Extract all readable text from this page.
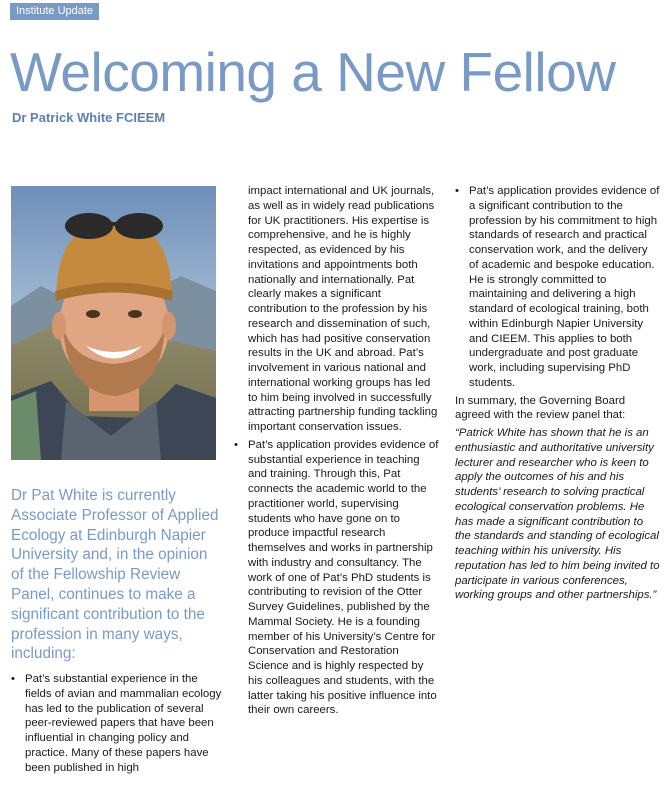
Institute Update
Welcoming a New Fellow
Dr Patrick White FCIEEM

Dr Pat White is currently Associate Professor of Applied Ecology at Edinburgh Napier University and, in the opinion of the Fellowship Review Panel, continues to make a significant contribution to the profession in many ways, including:

• Pat’s substantial experience in the fields of avian and mammalian ecology has led to the publication of several peer-reviewed papers that have been influential in changing policy and practice. Many of these papers have been published in high

impact international and UK journals, as well as in widely read publications for UK practitioners. His expertise is comprehensive, and he is highly respected, as evidenced by his invitations and appointments both nationally and internationally. Pat clearly makes a significant contribution to the profession by his research and dissemination of such, which has had positive conservation results in the UK and abroad. Pat’s involvement in various national and international working groups has led to him being involved in successfully attracting partnership funding tackling important conservation issues.

• Pat’s application provides evidence of substantial experience in teaching and training. Through this, Pat connects the academic world to the practitioner world, supervising students who have gone on to produce impactful research themselves and works in partnership with industry and consultancy. The work of one of Pat’s PhD students is contributing to revision of the Otter Survey Guidelines, published by the Mammal Society. He is a founding member of his University’s Centre for Conservation and Restoration Science and is highly respected by his colleagues and students, with the latter taking his positive influence into their own careers.

• Pat’s application provides evidence of a significant contribution to the profession by his commitment to high standards of research and practical conservation work, and the delivery of academic and bespoke education. He is strongly committed to maintaining and delivering a high standard of ecological training, both within Edinburgh Napier University and CIEEM. This applies to both undergraduate and post graduate work, including supervising PhD students.

In summary, the Governing Board agreed with the review panel that:

“Patrick White has shown that he is an enthusiastic and authoritative university lecturer and researcher who is keen to apply the outcomes of his and his students’ research to solving practical ecological conservation problems. He has made a significant contribution to the standards and standing of ecological teaching within his university. His reputation has led to him being invited to participate in various conferences, working groups and other partnerships.”
